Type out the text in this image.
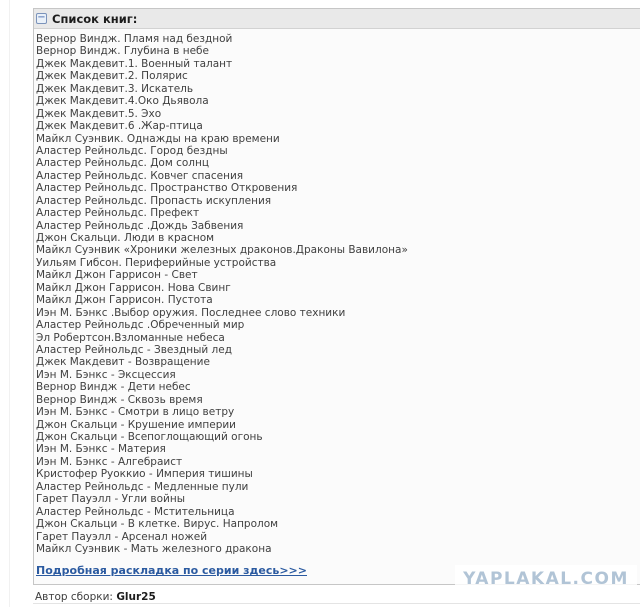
− Список книг:
Вернор Виндж. Пламя над бездной
Вернор Виндж. Глубина в небе
Джек Макдевит.1. Военный талант
Джек Макдевит.2. Полярис
Джек Макдевит.3. Искатель
Джек Макдевит.4.Око Дьявола
Джек Макдевит.5. Эхо
Джек Макдевит.6 .Жар-птица
Майкл Суэнвик. Однажды на краю времени
Аластер Рейнольдс. Город бездны
Аластер Рейнольдс. Дом солнц
Аластер Рейнольдс. Ковчег спасения
Аластер Рейнольдс. Пространство Откровения
Аластер Рейнольдс. Пропасть искупления
Аластер Рейнольдс. Префект
Аластер Рейнольдс .Дождь Забвения
Джон Скальци. Люди в красном
Майкл Суэнвик «Хроники железных драконов.Драконы Вавилона»
Уильям Гибсон. Периферийные устройства
Майкл Джон Гаррисон - Свет
Майкл Джон Гаррисон. Нова Свинг
Майкл Джон Гаррисон. Пустота
Иэн М. Бэнкс .Выбор оружия. Последнее слово техники
Аластер Рейнольдс .Обреченный мир
Эл Робертсон.Взломанные небеса
Аластер Рейнольдс - Звездный лед
Джек Макдевит - Возвращение
Иэн М. Бэнкс - Эксцессия
Вернор Виндж - Дети небес
Вернор Виндж - Сквозь время
Иэн М. Бэнкс - Смотри в лицо ветру
Джон Скальци - Крушение империи
Джон Скальци - Всепоглощающий огонь
Иэн М. Бэнкс - Материя
Иэн М. Бэнкс - Алгебраист
Кристофер Руоккио - Империя тишины
Аластер Рейнольдс - Медленные пули
Гарет Пауэлл - Угли войны
Аластер Рейнольдс - Мстительница
Джон Скальци - В клетке. Вирус. Напролом
Гарет Пауэлл - Арсенал ножей
Майкл Суэнвик - Мать железного дракона
Подробная раскладка по серии здесь>>>
Автор сборки: Glur25
YAPLAKAL.COM
